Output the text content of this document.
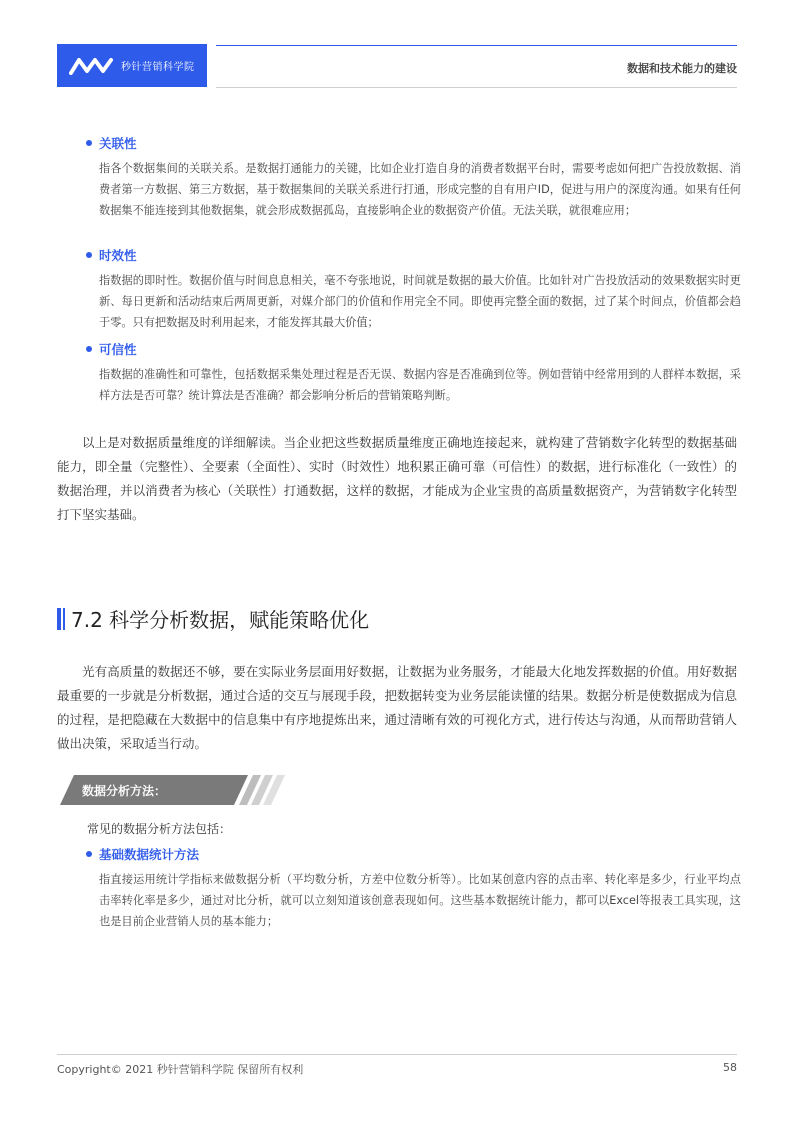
秒针营销科学院	数据和技术能力的建设
关联性
指各个数据集间的关联关系。是数据打通能力的关键，比如企业打造自身的消费者数据平台时，需要考虑如何把广告投放数据、消费者第一方数据、第三方数据，基于数据集间的关联关系进行打通，形成完整的自有用户ID，促进与用户的深度沟通。如果有任何数据集不能连接到其他数据集，就会形成数据孤岛，直接影响企业的数据资产价值。无法关联，就很难应用；
时效性
指数据的即时性。数据价值与时间息息相关，毫不夸张地说，时间就是数据的最大价值。比如针对广告投放活动的效果数据实时更新、每日更新和活动结束后两周更新，对媒介部门的价值和作用完全不同。即使再完整全面的数据，过了某个时间点，价值都会趋于零。只有把数据及时利用起来，才能发挥其最大价值；
可信性
指数据的准确性和可靠性，包括数据采集处理过程是否无误、数据内容是否准确到位等。例如营销中经常用到的人群样本数据，采样方法是否可靠？统计算法是否准确？都会影响分析后的营销策略判断。
以上是对数据质量维度的详细解读。当企业把这些数据质量维度正确地连接起来，就构建了营销数字化转型的数据基础能力，即全量（完整性）、全要素（全面性）、实时（时效性）地积累正确可靠（可信性）的数据，进行标准化（一致性）的数据治理，并以消费者为核心（关联性）打通数据，这样的数据，才能成为企业宝贵的高质量数据资产，为营销数字化转型打下坚实基础。
7.2 科学分析数据，赋能策略优化
光有高质量的数据还不够，要在实际业务层面用好数据，让数据为业务服务，才能最大化地发挥数据的价值。用好数据最重要的一步就是分析数据，通过合适的交互与展现手段，把数据转变为业务层能读懂的结果。数据分析是使数据成为信息的过程，是把隐藏在大数据中的信息集中有序地提炼出来，通过清晰有效的可视化方式，进行传达与沟通，从而帮助营销人做出决策，采取适当行动。
数据分析方法：
常见的数据分析方法包括：
基础数据统计方法
指直接运用统计学指标来做数据分析（平均数分析，方差中位数分析等）。比如某创意内容的点击率、转化率是多少，行业平均点击率转化率是多少，通过对比分析，就可以立刻知道该创意表现如何。这些基本数据统计能力，都可以Excel等报表工具实现，这也是目前企业营销人员的基本能力；
Copyright© 2021 秒针营销科学院 保留所有权利	58
